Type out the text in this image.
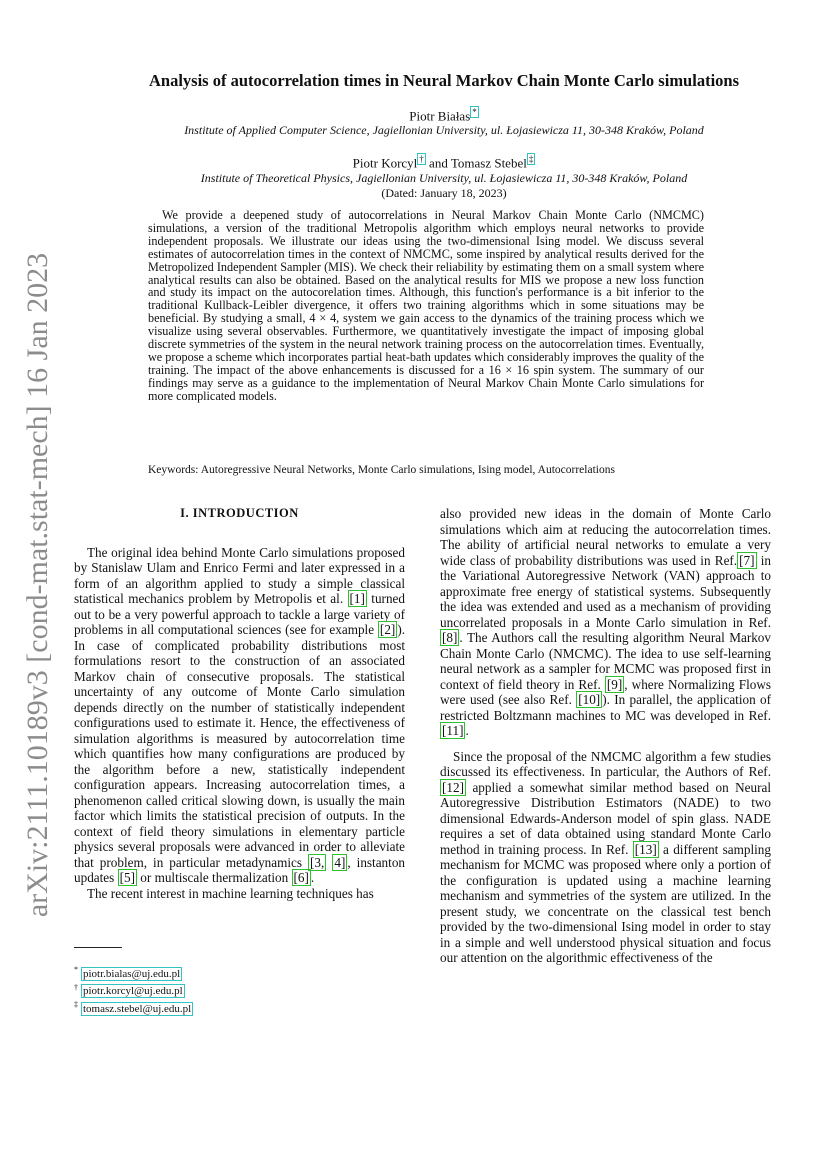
arXiv:2111.10189v3 [cond-mat.stat-mech] 16 Jan 2023
Analysis of autocorrelation times in Neural Markov Chain Monte Carlo simulations
Piotr Białas *
Institute of Applied Computer Science, Jagiellonian University, ul. Łojasiewicza 11, 30-348 Kraków, Poland
Piotr Korcyl † and Tomasz Stebel ‡
Institute of Theoretical Physics, Jagiellonian University, ul. Łojasiewicza 11, 30-348 Kraków, Poland
(Dated: January 18, 2023)
We provide a deepened study of autocorrelations in Neural Markov Chain Monte Carlo (NMCMC) simulations, a version of the traditional Metropolis algorithm which employs neural networks to provide independent proposals. We illustrate our ideas using the two-dimensional Ising model. We discuss several estimates of autocorrelation times in the context of NMCMC, some inspired by analytical results derived for the Metropolized Independent Sampler (MIS). We check their reliability by estimating them on a small system where analytical results can also be obtained. Based on the analytical results for MIS we propose a new loss function and study its impact on the autocorelation times. Although, this function's performance is a bit inferior to the traditional Kullback-Leibler divergence, it offers two training algorithms which in some situations may be beneficial. By studying a small, 4 × 4, system we gain access to the dynamics of the training process which we visualize using several observables. Furthermore, we quantitatively investigate the impact of imposing global discrete symmetries of the system in the neural network training process on the autocorrelation times. Eventually, we propose a scheme which incorporates partial heat-bath updates which considerably improves the quality of the training. The impact of the above enhancements is discussed for a 16 × 16 spin system. The summary of our findings may serve as a guidance to the implementation of Neural Markov Chain Monte Carlo simulations for more complicated models.
Keywords: Autoregressive Neural Networks, Monte Carlo simulations, Ising model, Autocorrelations

I. INTRODUCTION

The original idea behind Monte Carlo simulations proposed by Stanislaw Ulam and Enrico Fermi and later expressed in a form of an algorithm applied to study a simple classical statistical mechanics problem by Metropolis et al. [1] turned out to be a very powerful approach to tackle a large variety of problems in all computational sciences (see for example [2] ). In case of complicated probability distributions most formulations resort to the construction of an associated Markov chain of consecutive proposals. The statistical uncertainty of any outcome of Monte Carlo simulation depends directly on the number of statistically independent configurations used to estimate it. Hence, the effectiveness of simulation algorithms is measured by autocorrelation time which quantifies how many configurations are produced by the algorithm before a new, statistically independent configuration appears. Increasing autocorrelation times, a phenomenon called critical slowing down, is usually the main factor which limits the statistical precision of outputs. In the context of field theory simulations in elementary particle physics several proposals were advanced in order to alleviate that problem, in particular metadynamics [3, 4] , instanton updates [5] or multiscale thermalization [6] .

The recent interest in machine learning techniques has

also provided new ideas in the domain of Monte Carlo simulations which aim at reducing the autocorrelation times. The ability of artificial neural networks to emulate a very wide class of probability distributions was used in Ref. [7] in the Variational Autoregressive Network (VAN) approach to approximate free energy of statistical systems. Subsequently the idea was extended and used as a mechanism of providing uncorrelated proposals in a Monte Carlo simulation in Ref.[8] . The Authors call the resulting algorithm Neural Markov Chain Monte Carlo (NMCMC). The idea to use self-learning neural network as a sampler for MCMC was proposed first in context of field theory in Ref. [9] , where Normalizing Flows were used (see also Ref. [10] ). In parallel, the application of restricted Boltzmann machines to MC was developed in Ref. [11] .

Since the proposal of the NMCMC algorithm a few studies discussed its effectiveness. In particular, the Authors of Ref. [12] applied a somewhat similar method based on Neural Autoregressive Distribution Estimators (NADE) to two dimensional Edwards-Anderson model of spin glass. NADE requires a set of data obtained using standard Monte Carlo method in training process. In Ref. [13] a different sampling mechanism for MCMC was proposed where only a portion of the configuration is updated using a machine learning mechanism and symmetries of the system are utilized. In the present study, we concentrate on the classical test bench provided by the two-dimensional Ising model in order to stay in a simple and well understood physical situation and focus our attention on the algorithmic effectiveness of the

* piotr.bialas@uj.edu.pl
† piotr.korcyl@uj.edu.pl
‡ tomasz.stebel@uj.edu.pl
